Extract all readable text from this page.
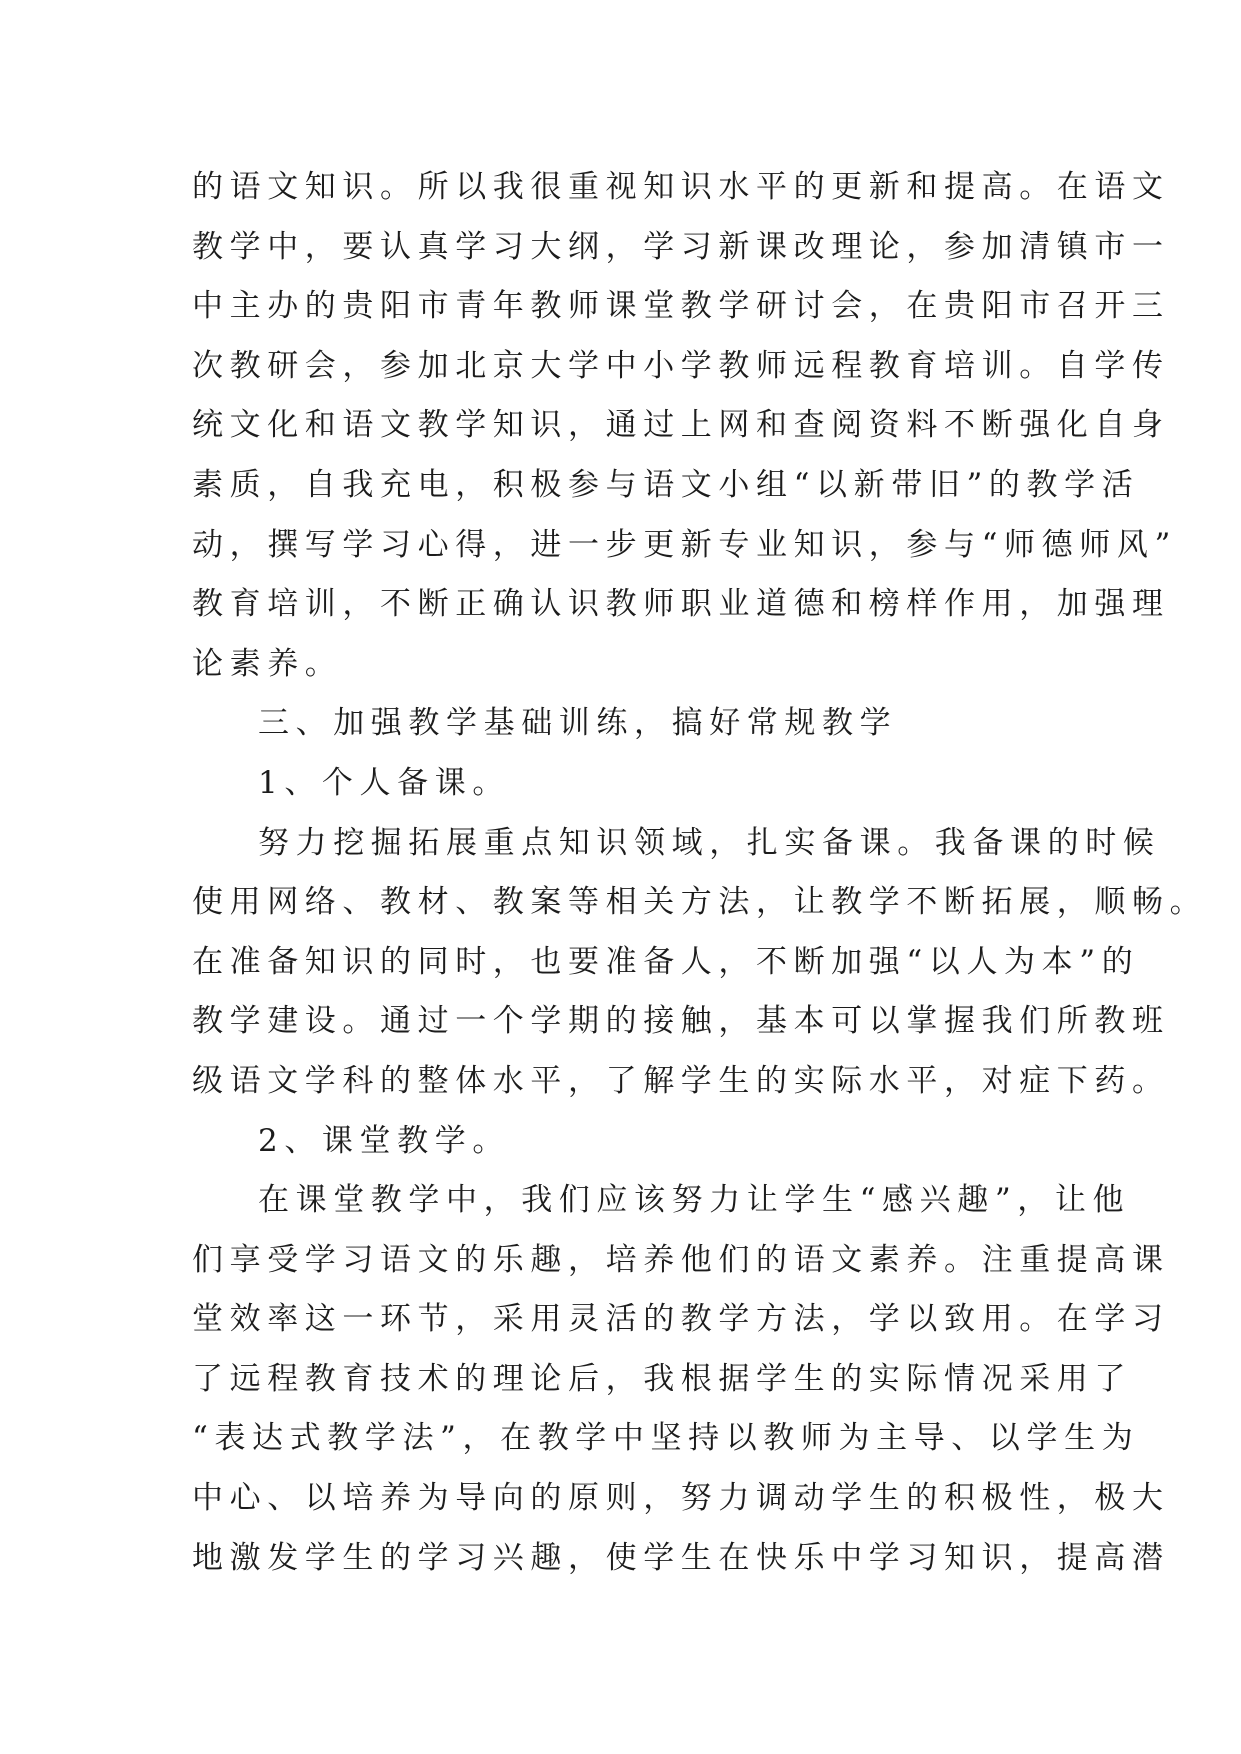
的语文知识。所以我很重视知识水平的更新和提高。在语文
教学中，要认真学习大纲，学习新课改理论，参加清镇市一
中主办的贵阳市青年教师课堂教学研讨会，在贵阳市召开三
次教研会，参加北京大学中小学教师远程教育培训。自学传
统文化和语文教学知识，通过上网和查阅资料不断强化自身
素质，自我充电，积极参与语文小组“以新带旧”的教学活
动，撰写学习心得，进一步更新专业知识，参与“师德师风”
教育培训，不断正确认识教师职业道德和榜样作用，加强理
论素养。
三、加强教学基础训练，搞好常规教学
1、个人备课。
努力挖掘拓展重点知识领域，扎实备课。我备课的时候
使用网络、教材、教案等相关方法，让教学不断拓展，顺畅。
在准备知识的同时，也要准备人，不断加强“以人为本”的
教学建设。通过一个学期的接触，基本可以掌握我们所教班
级语文学科的整体水平，了解学生的实际水平，对症下药。
2、课堂教学。
在课堂教学中，我们应该努力让学生“感兴趣”，让他
们享受学习语文的乐趣，培养他们的语文素养。注重提高课
堂效率这一环节，采用灵活的教学方法，学以致用。在学习
了远程教育技术的理论后，我根据学生的实际情况采用了
“表达式教学法”，在教学中坚持以教师为主导、以学生为
中心、以培养为导向的原则，努力调动学生的积极性，极大
地激发学生的学习兴趣，使学生在快乐中学习知识，提高潜
